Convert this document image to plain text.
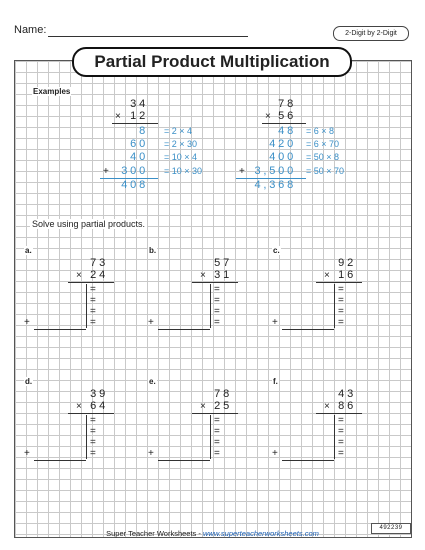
Name:	2-Digit by 2-Digit
Partial Product Multiplication
Examples
34
× 12
8 = 2 × 4
60 = 2 × 30
40 = 10 × 4
+	300 = 10 × 30
408
78
× 56
48 = 6 × 8
420 = 6 × 70
400 = 50 × 8
+ 3,500 = 50 × 70
4,368
Solve using partial products.
a.
73
× 24
=
=
=
=
+
b.
57
× 31
=
=
=
=
+
c.
92
× 16
=
=
=
=
+
d.
39
× 64
=
=
=
=
+
e.
78
× 25
=
=
=
=
+
f.
43
× 86
=
=
=
=
+
Super Teacher Worksheets - www.superteacherworksheets.com
492239
